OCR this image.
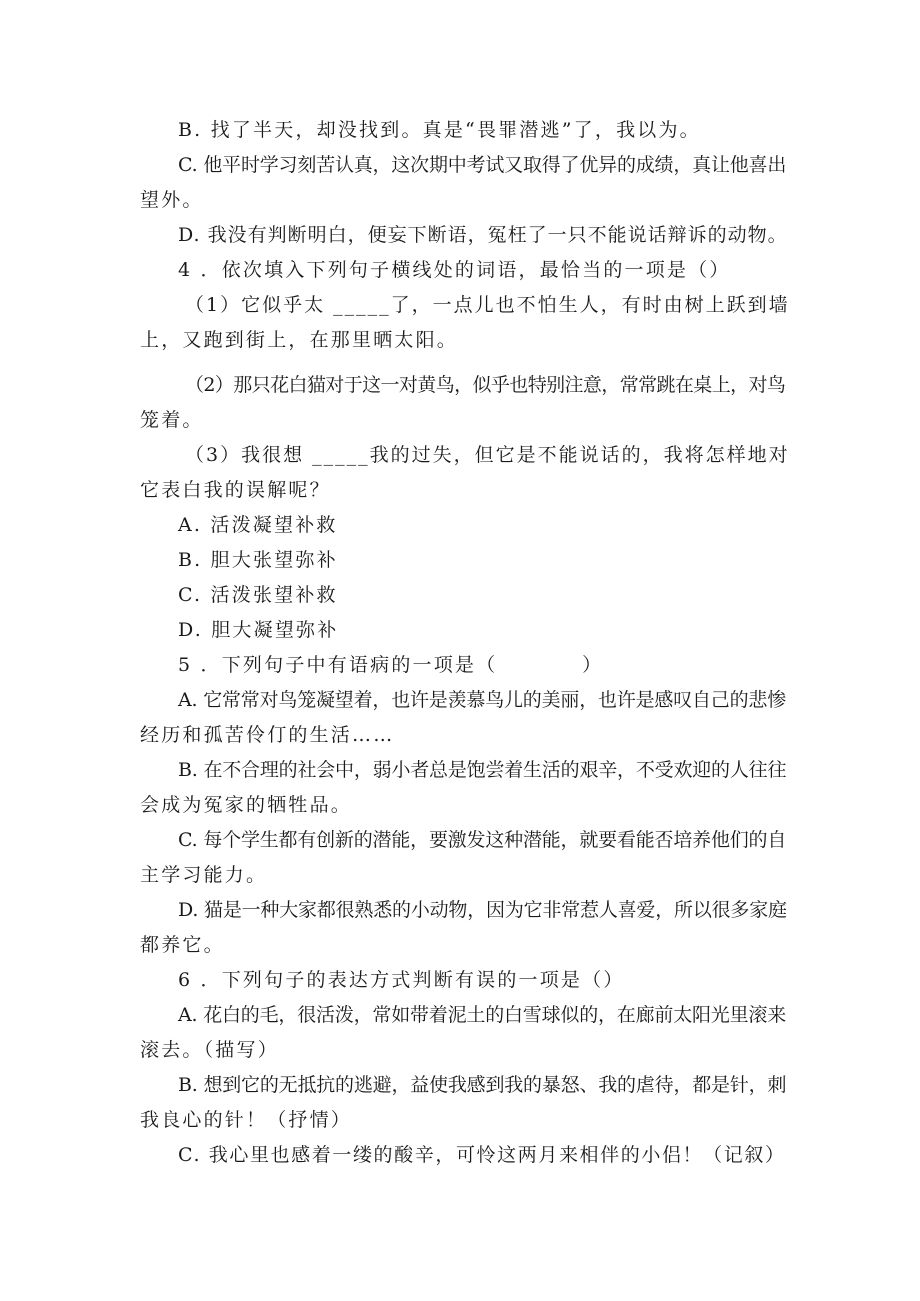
B. 找了半天，却没找到。真是“畏罪潜逃”了，我以为。
C. 他平时学习刻苦认真，这次期中考试又取得了优异的成绩，真让他喜出
望外。
D. 我没有判断明白，便妄下断语，冤枉了一只不能说话辩诉的动物。
4 ．依次填入下列句子横线处的词语，最恰当的一项是（）
（1）它似乎太 _____了，一点儿也不怕生人，有时由树上跃到墙
上，又跑到街上，在那里晒太阳。
（2）那只花白猫对于这一对黄鸟，似乎也特别注意，常常跳在桌上，对鸟
笼着。
（3）我很想 _____我的过失，但它是不能说话的，我将怎样地对
它表白我的误解呢？
A. 活泼凝望补救
B. 胆大张望弥补
C. 活泼张望补救
D. 胆大凝望弥补
5 ．下列句子中有语病的一项是（　　　　）
A. 它常常对鸟笼凝望着，也许是羡慕鸟儿的美丽，也许是感叹自己的悲惨
经历和孤苦伶仃的生活……
B. 在不合理的社会中，弱小者总是饱尝着生活的艰辛，不受欢迎的人往往
会成为冤家的牺牲品。
C. 每个学生都有创新的潜能，要激发这种潜能，就要看能否培养他们的自
主学习能力。
D. 猫是一种大家都很熟悉的小动物，因为它非常惹人喜爱，所以很多家庭
都养它。
6 ．下列句子的表达方式判断有误的一项是（）
A. 花白的毛，很活泼，常如带着泥土的白雪球似的，在廊前太阳光里滚来
滚去。（描写）
B. 想到它的无抵抗的逃避，益使我感到我的暴怒、我的虐待，都是针，刺
我良心的针！（抒情）
C. 我心里也感着一缕的酸辛，可怜这两月来相伴的小侣！（记叙）
